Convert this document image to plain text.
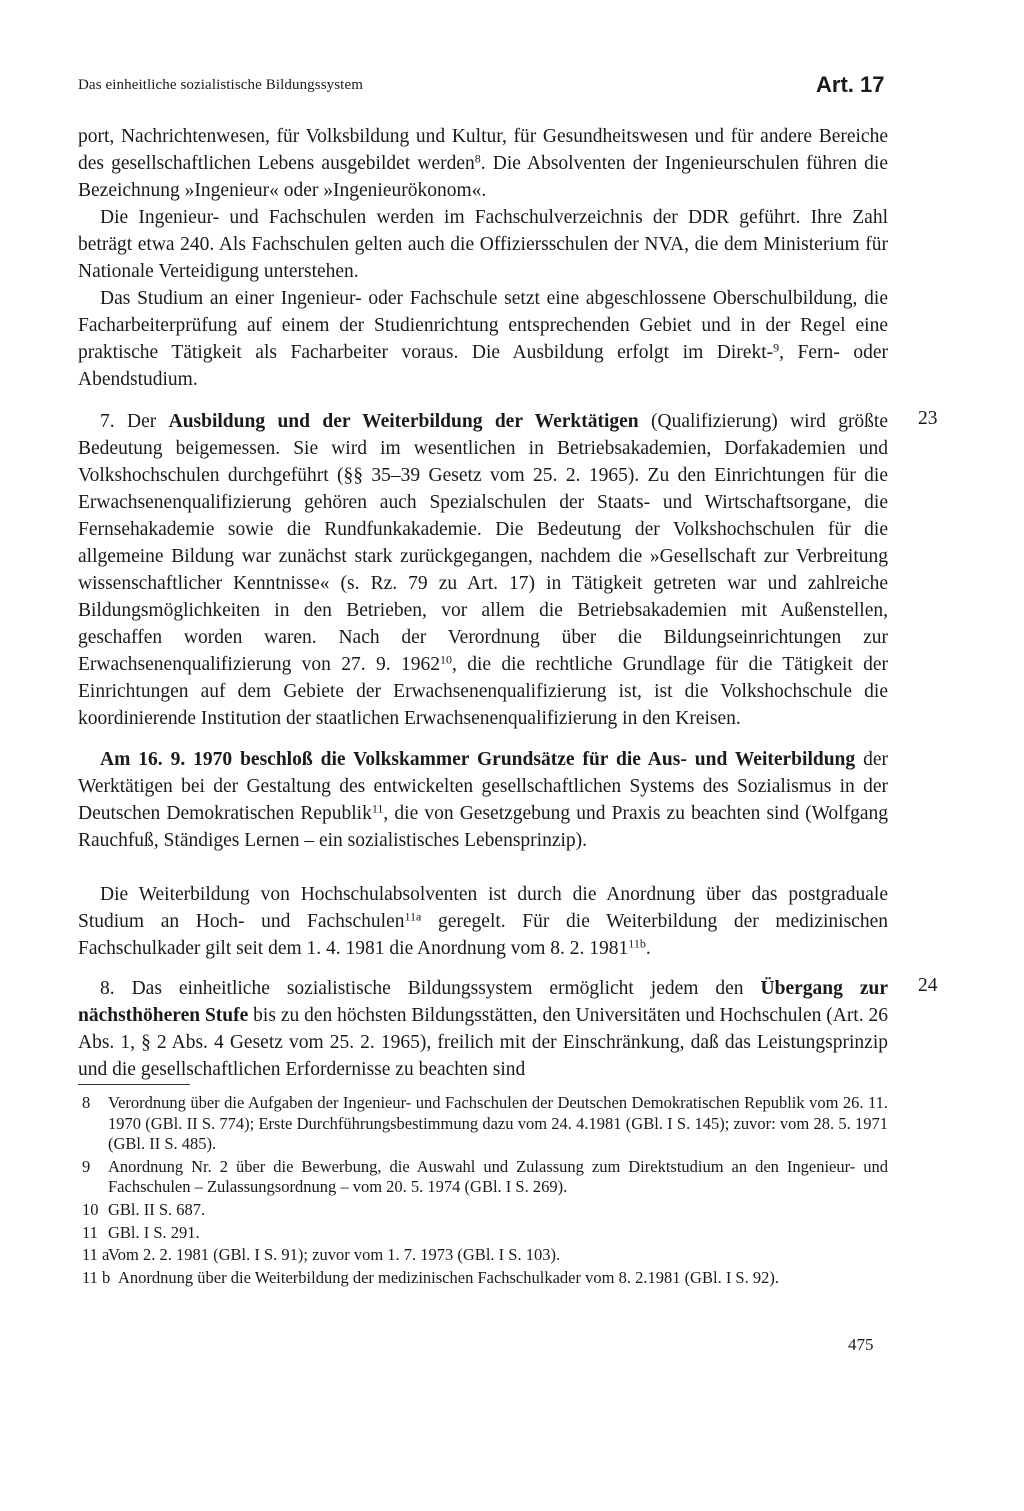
Das einheitliche sozialistische Bildungssystem	Art. 17

port, Nachrichtenwesen, für Volksbildung und Kultur, für Gesundheitswesen und für andere Bereiche des gesellschaftlichen Lebens ausgebildet werden$^8$. Die Absolventen der Ingenieurschulen führen die Bezeichnung »Ingenieur« oder »Ingenieurökonom«.

Die Ingenieur- und Fachschulen werden im Fachschulverzeichnis der DDR geführt. Ihre Zahl beträgt etwa 240. Als Fachschulen gelten auch die Offiziersschulen der NVA, die dem Ministerium für Nationale Verteidigung unterstehen.

Das Studium an einer Ingenieur- oder Fachschule setzt eine abgeschlossene Oberschulbildung, die Facharbeiterprüfung auf einem der Studienrichtung entsprechenden Gebiet und in der Regel eine praktische Tätigkeit als Facharbeiter voraus. Die Ausbildung erfolgt im Direkt-$^9$, Fern- oder Abendstudium.

7. Der Ausbildung und der Weiterbildung der Werktätigen (Qualifizierung) wird größte Bedeutung beigemessen. Sie wird im wesentlichen in Betriebsakademien, Dorfakademien und Volkshochschulen durchgeführt (§§ 35–39 Gesetz vom 25. 2. 1965). Zu den Einrichtungen für die Erwachsenenqualifizierung gehören auch Spezialschulen der Staats- und Wirtschaftsorgane, die Fernsehakademie sowie die Rundfunkakademie. Die Bedeutung der Volkshochschulen für die allgemeine Bildung war zunächst stark zurückgegangen, nachdem die »Gesellschaft zur Verbreitung wissenschaftlicher Kenntnisse« (s. Rz. 79 zu Art. 17) in Tätigkeit getreten war und zahlreiche Bildungsmöglichkeiten in den Betrieben, vor allem die Betriebsakademien mit Außenstellen, geschaffen worden waren. Nach der Verordnung über die Bildungseinrichtungen zur Erwachsenenqualifizierung von 27. 9. 1962$^{10}$, die die rechtliche Grundlage für die Tätigkeit der Einrichtungen auf dem Gebiete der Erwachsenenqualifizierung ist, ist die Volkshochschule die koordinierende Institution der staatlichen Erwachsenenqualifizierung in den Kreisen.

23

Am 16. 9. 1970 beschloß die Volkskammer Grundsätze für die Aus- und Weiterbildung der Werktätigen bei der Gestaltung des entwickelten gesellschaftlichen Systems des Sozialismus in der Deutschen Demokratischen Republik$^{11}$, die von Gesetzgebung und Praxis zu beachten sind (Wolfgang Rauchfuß, Ständiges Lernen – ein sozialistisches Lebensprinzip).

Die Weiterbildung von Hochschulabsolventen ist durch die Anordnung über das postgraduale Studium an Hoch- und Fachschulen$^{11a}$ geregelt. Für die Weiterbildung der medizinischen Fachschulkader gilt seit dem 1. 4. 1981 die Anordnung vom 8. 2. $1981^{11b}$.

8. Das einheitliche sozialistische Bildungssystem ermöglicht jedem den Übergang zur nächsthöheren Stufe bis zu den höchsten Bildungsstätten, den Universitäten und Hochschulen (Art. 26 Abs. 1, § 2 Abs. 4 Gesetz vom 25. 2. 1965), freilich mit der Einschränkung, daß das Leistungsprinzip und die gesellschaftlichen Erfordernisse zu beachten sind

24
8 Verordnung über die Aufgaben der Ingenieur- und Fachschulen der Deutschen Demokratischen Republik vom 26. 11. 1970 (GBl. II S. 774); Erste Durchführungsbestimmung dazu vom 24. 4.1981 (GBl. I S. 145); zuvor: vom 28. 5. 1971 (GBl. II S. 485).
9 Anordnung Nr. 2 über die Bewerbung, die Auswahl und Zulassung zum Direktstudium an den Ingenieur- und Fachschulen – Zulassungsordnung – vom 20. 5. 1974 (GBl. I S. 269).
10 GBl. II S. 687.
11 GBl. I S. 291.
11 a
Vom 2. 2. 1981 (GBl. I S. 91); zuvor vom 1. 7. 1973 (GBl. I S. 103).
11 b Anordnung über die Weiterbildung der medizinischen Fachschulkader vom 8. 2.1981 (GBl. I S. 92).
475
